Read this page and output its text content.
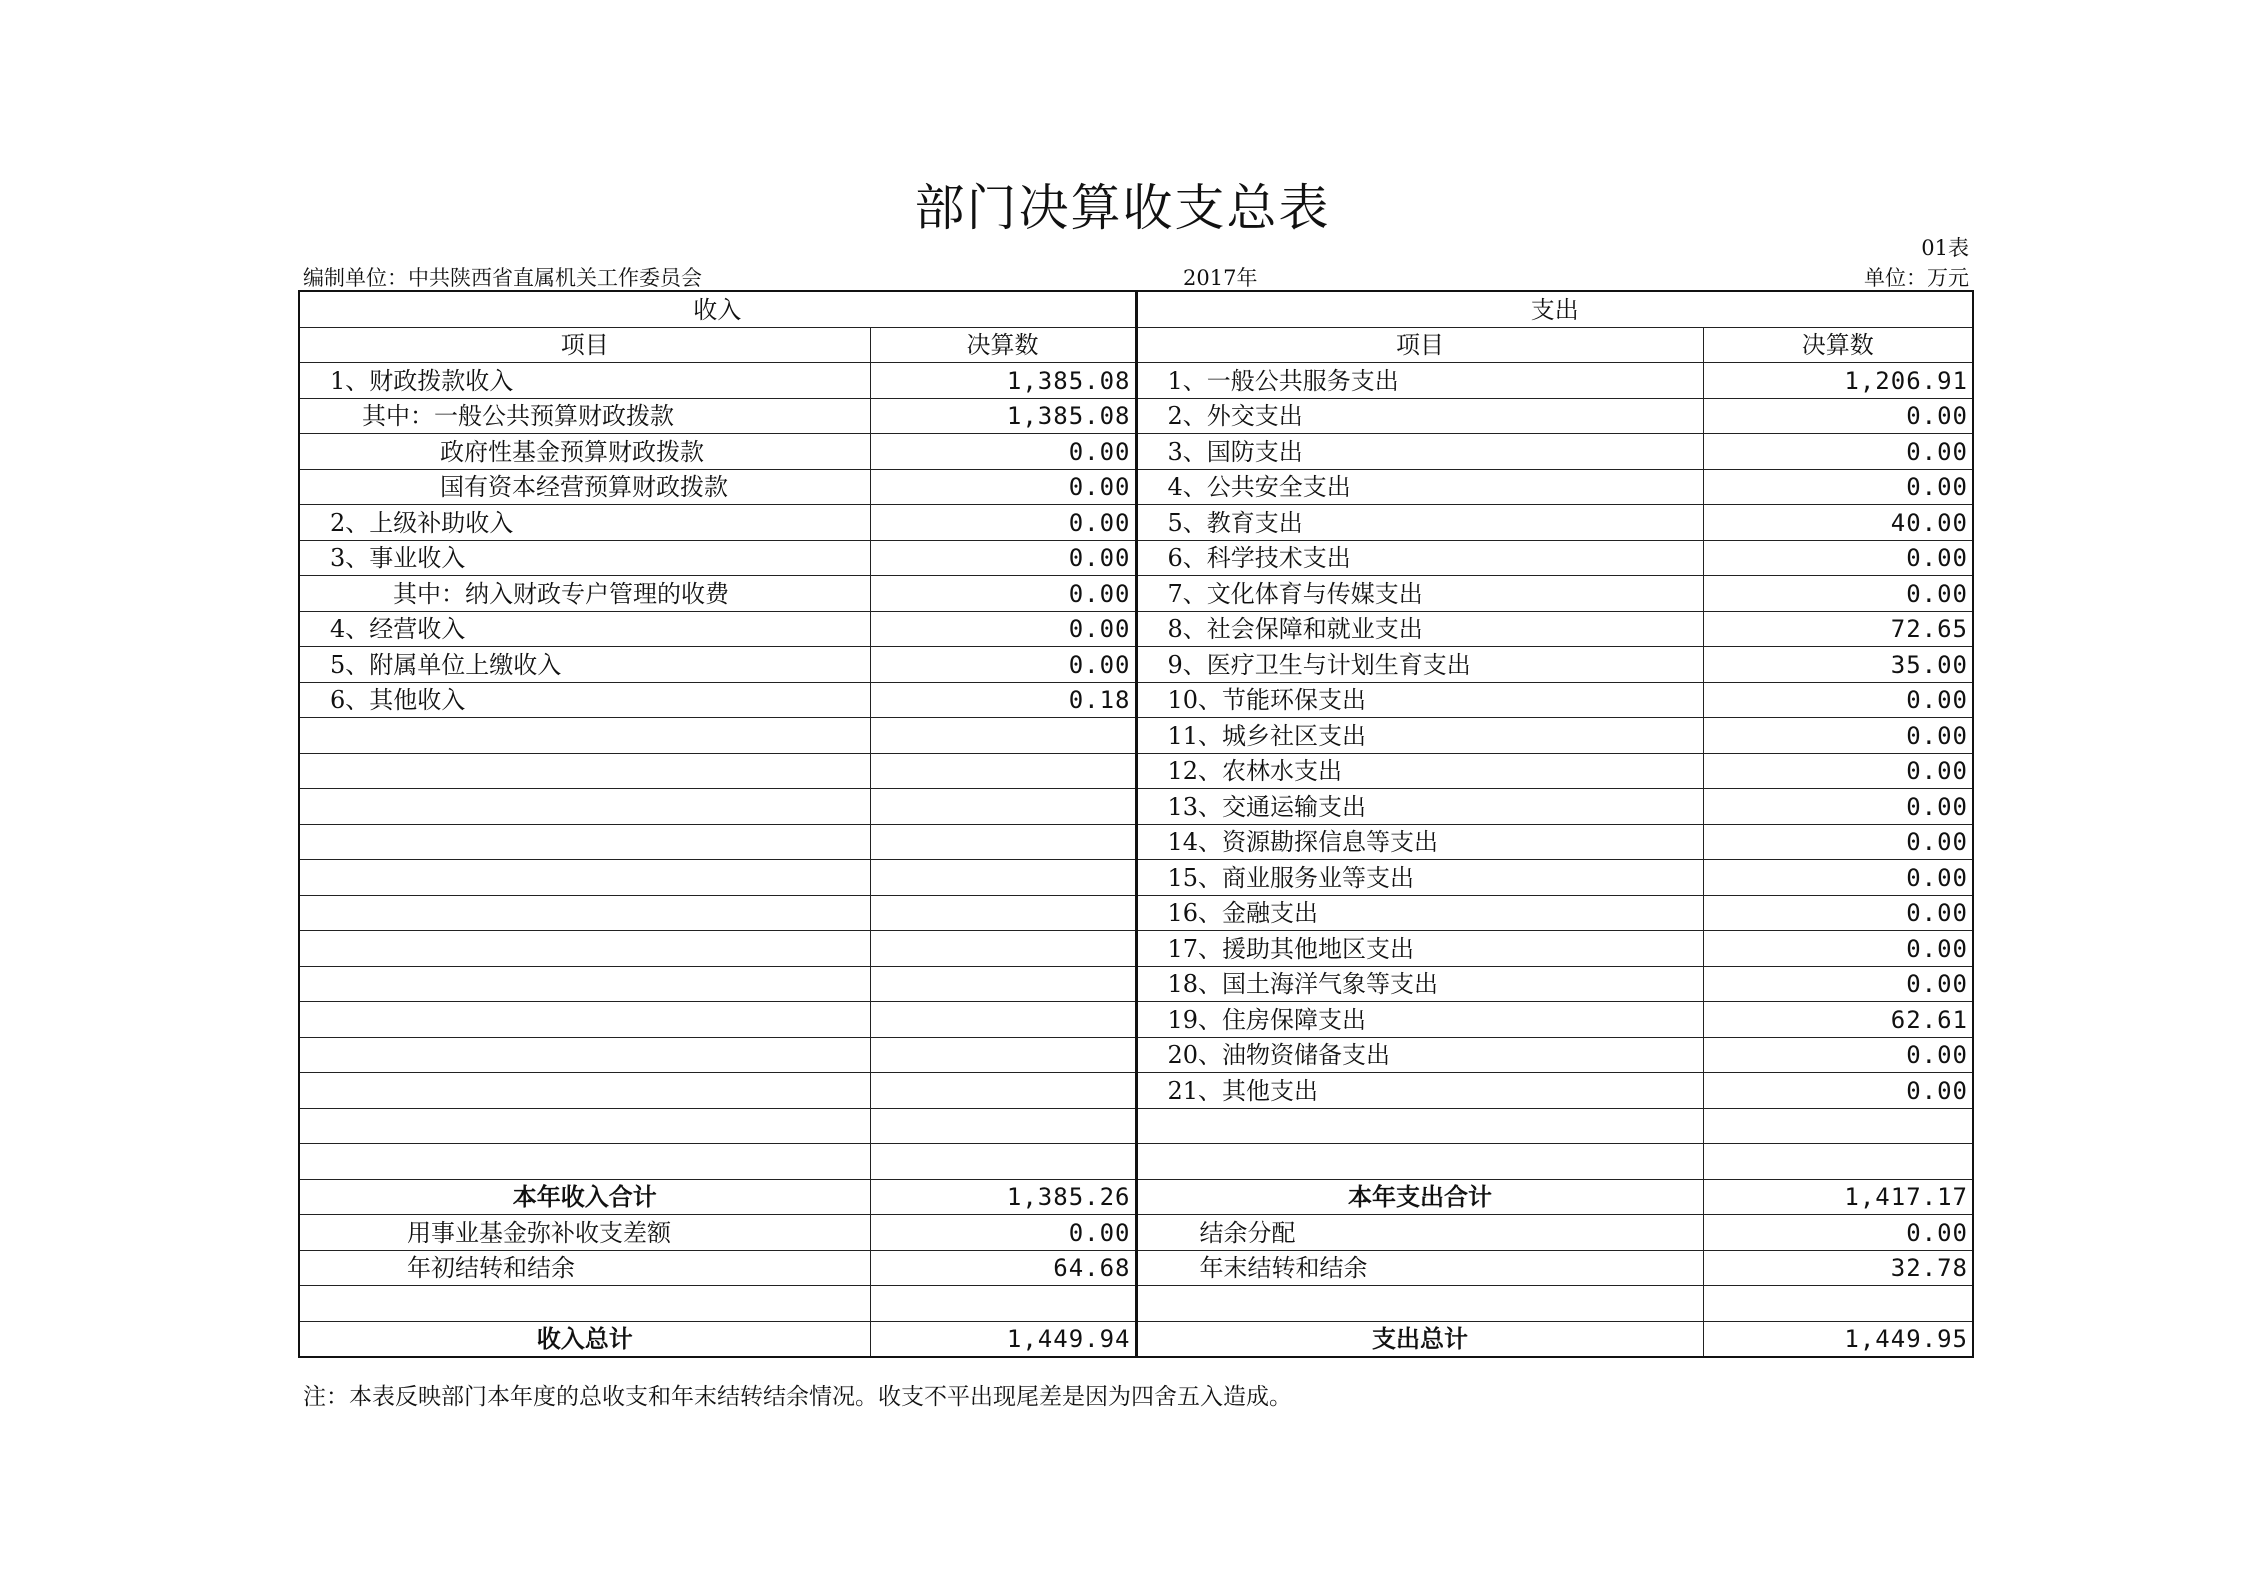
部门决算收支总表
01表
编制单位：中共陕西省直属机关工作委员会	2017年	单位：万元
收入		支出	
项目	决算数	项目	决算数
1、财政拨款收入	1,385.08	1、一般公共服务支出	1,206.91
其中：一般公共预算财政拨款	1,385.08	2、外交支出	0.00
政府性基金预算财政拨款	0.00	3、国防支出	0.00
国有资本经营预算财政拨款	0.00	4、公共安全支出	0.00
2、上级补助收入	0.00	5、教育支出	40.00
3、事业收入	0.00	6、科学技术支出	0.00
其中：纳入财政专户管理的收费	0.00	7、文化体育与传媒支出	0.00
4、经营收入	0.00	8、社会保障和就业支出	72.65
5、附属单位上缴收入	0.00	9、医疗卫生与计划生育支出	35.00
6、其他收入	0.18	10、节能环保支出	0.00
		11、城乡社区支出	0.00
		12、农林水支出	0.00
		13、交通运输支出	0.00
		14、资源勘探信息等支出	0.00
		15、商业服务业等支出	0.00
		16、金融支出	0.00
		17、援助其他地区支出	0.00
		18、国土海洋气象等支出	0.00
		19、住房保障支出	62.61
		20、油物资储备支出	0.00
		21、其他支出	0.00

本年收入合计	1,385.26	本年支出合计	1,417.17
用事业基金弥补收支差额	0.00	结余分配	0.00
年初结转和结余	64.68	年末结转和结余	32.78

收入总计	1,449.94	支出总计	1,449.95
注：本表反映部门本年度的总收支和年末结转结余情况。收支不平出现尾差是因为四舍五入造成。
